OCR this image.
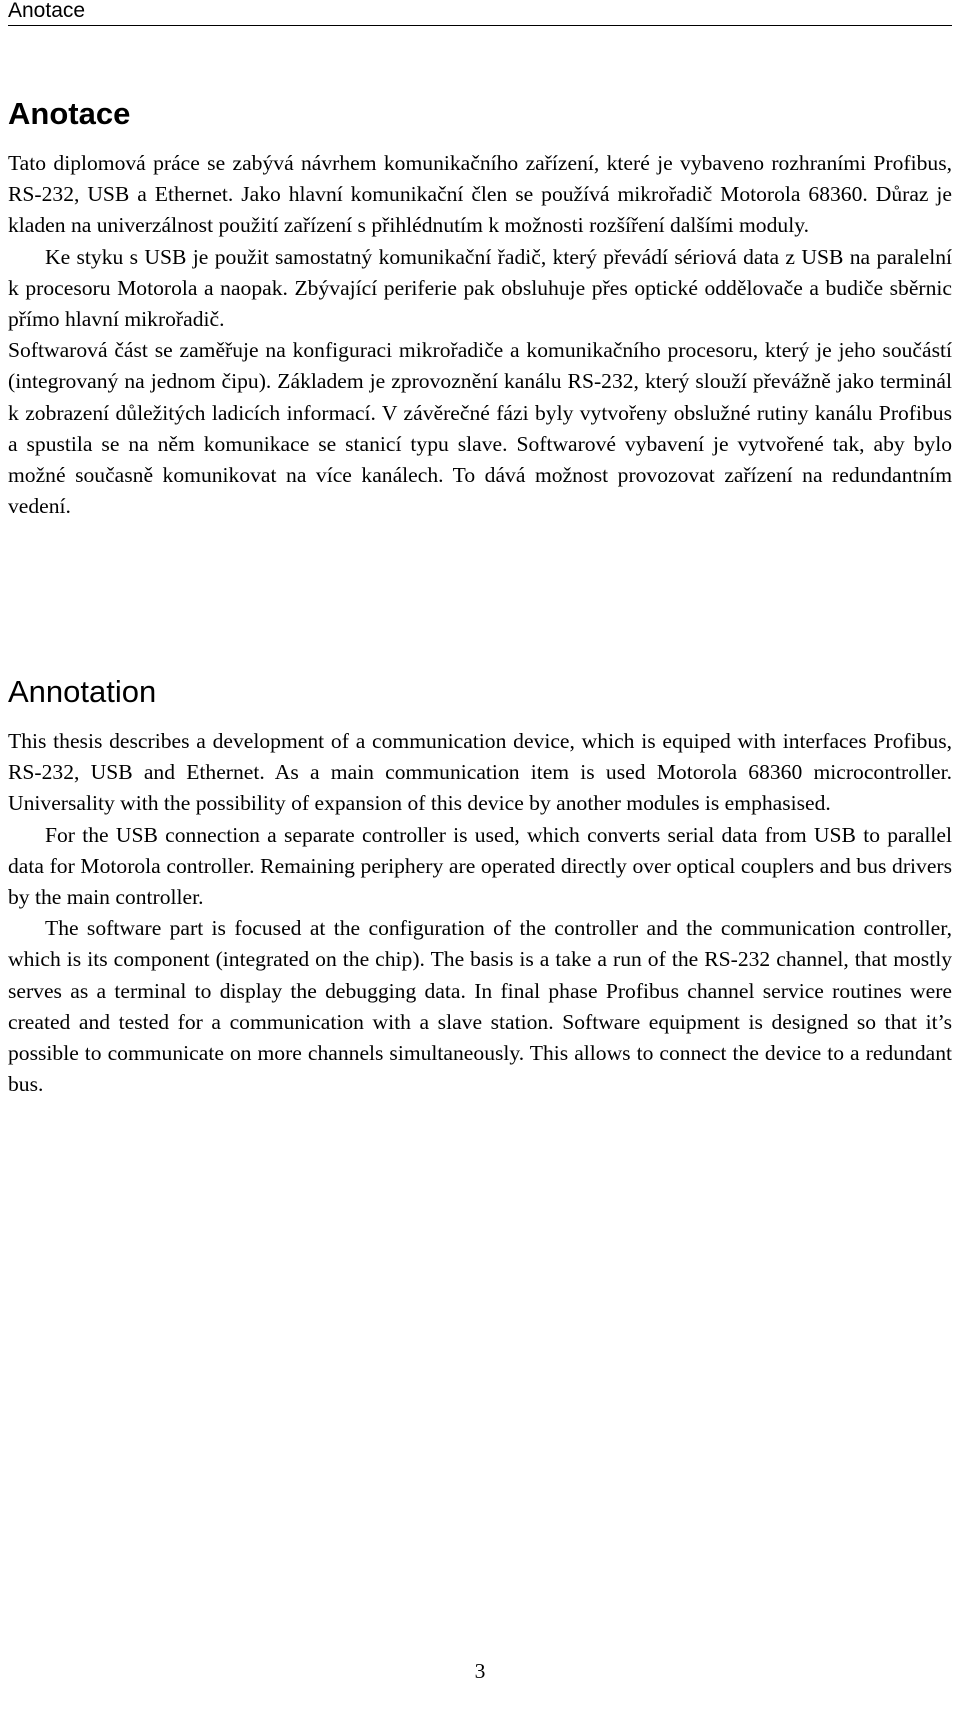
Anotace
Anotace

Tato diplomová práce se zabývá návrhem komunikačního zařízení, které je vybaveno rozhraními Profibus, RS-232, USB a Ethernet. Jako hlavní komunikační člen se používá mikrořadič Motorola 68360. Důraz je kladen na univerzálnost použití zařízení s přihlédnutím k možnosti rozšíření dalšími moduly.

Ke styku s USB je použit samostatný komunikační řadič, který převádí sériová data z USB na paralelní k procesoru Motorola a naopak. Zbývající periferie pak obsluhuje přes optické oddělovače a budiče sběrnic přímo hlavní mikrořadič.

Softwarová část se zaměřuje na konfiguraci mikrořadiče a komunikačního procesoru, který je jeho součástí (integrovaný na jednom čipu). Základem je zprovoznění kanálu RS-232, který slouží převážně jako terminál k zobrazení důležitých ladicích informací. V závěrečné fázi byly vytvořeny obslužné rutiny kanálu Profibus a spustila se na něm komunikace se stanicí typu slave. Softwarové vybavení je vytvořené tak, aby bylo možné současně komunikovat na více kanálech. To dává možnost provozovat zařízení na redundantním vedení.

Annotation

This thesis describes a development of a communication device, which is equiped with interfaces Profibus, RS-232, USB and Ethernet. As a main communication item is used Motorola 68360 microcontroller. Universality with the possibility of expansion of this device by another modules is emphasised.

For the USB connection a separate controller is used, which converts serial data from USB to parallel data for Motorola controller. Remaining periphery are operated directly over optical couplers and bus drivers by the main controller.

The software part is focused at the configuration of the controller and the communication controller, which is its component (integrated on the chip). The basis is a take a run of the RS-232 channel, that mostly serves as a terminal to display the debugging data. In final phase Profibus channel service routines were created and tested for a communication with a slave station. Software equipment is designed so that it’s possible to communicate on more channels simultaneously. This allows to connect the device to a redundant bus.

3
